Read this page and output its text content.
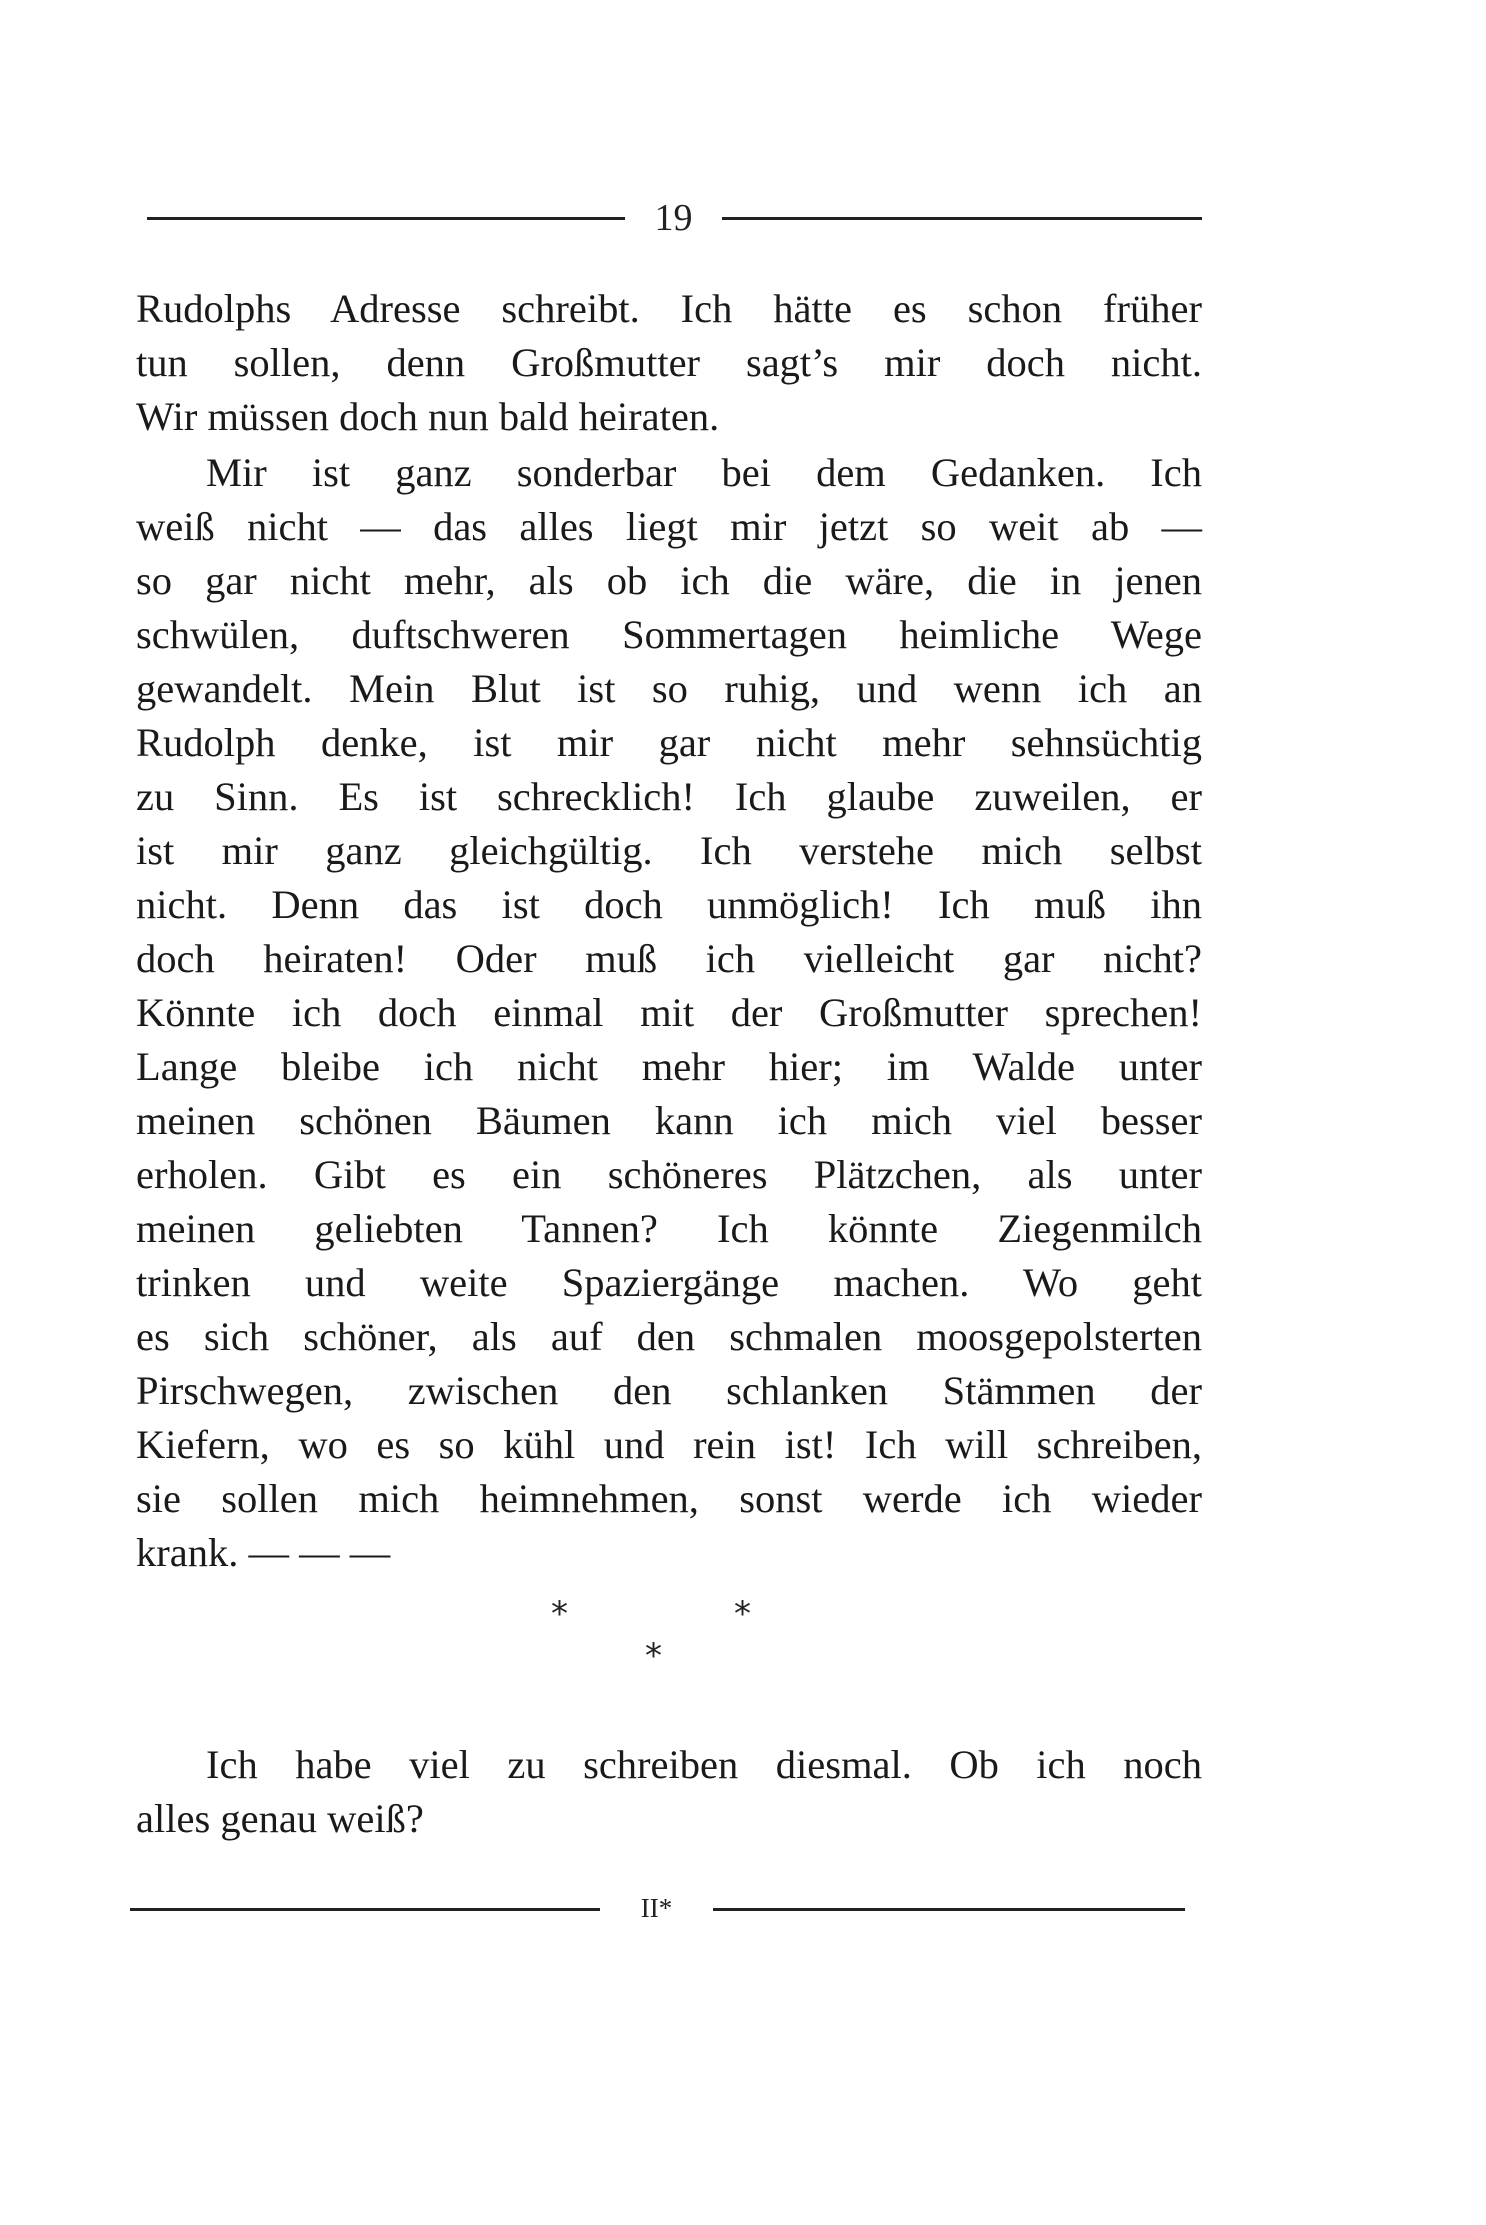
19
Rudolphs Adresse schreibt. Ich hätte es schon früher
tun sollen, denn Großmutter sagt’s mir doch nicht.
Wir müssen doch nun bald heiraten.
Mir ist ganz sonderbar bei dem Gedanken. Ich
weiß nicht — das alles liegt mir jetzt so weit ab —
so gar nicht mehr, als ob ich die wäre, die in jenen
schwülen, duftschweren Sommertagen heimliche Wege
gewandelt. Mein Blut ist so ruhig, und wenn ich an
Rudolph denke, ist mir gar nicht mehr sehnsüchtig
zu Sinn. Es ist schrecklich! Ich glaube zuweilen, er
ist mir ganz gleichgültig. Ich verstehe mich selbst
nicht. Denn das ist doch unmöglich! Ich muß ihn
doch heiraten! Oder muß ich vielleicht gar nicht?
Könnte ich doch einmal mit der Großmutter sprechen!
Lange bleibe ich nicht mehr hier; im Walde unter
meinen schönen Bäumen kann ich mich viel besser
erholen. Gibt es ein schöneres Plätzchen, als unter
meinen geliebten Tannen? Ich könnte Ziegenmilch
trinken und weite Spaziergänge machen. Wo geht
es sich schöner, als auf den schmalen moosgepolsterten
Pirschwegen, zwischen den schlanken Stämmen der
Kiefern, wo es so kühl und rein ist! Ich will schreiben,
sie sollen mich heimnehmen, sonst werde ich wieder
krank. — — —
*	*
*
Ich habe viel zu schreiben diesmal. Ob ich noch
alles genau weiß?
II*
